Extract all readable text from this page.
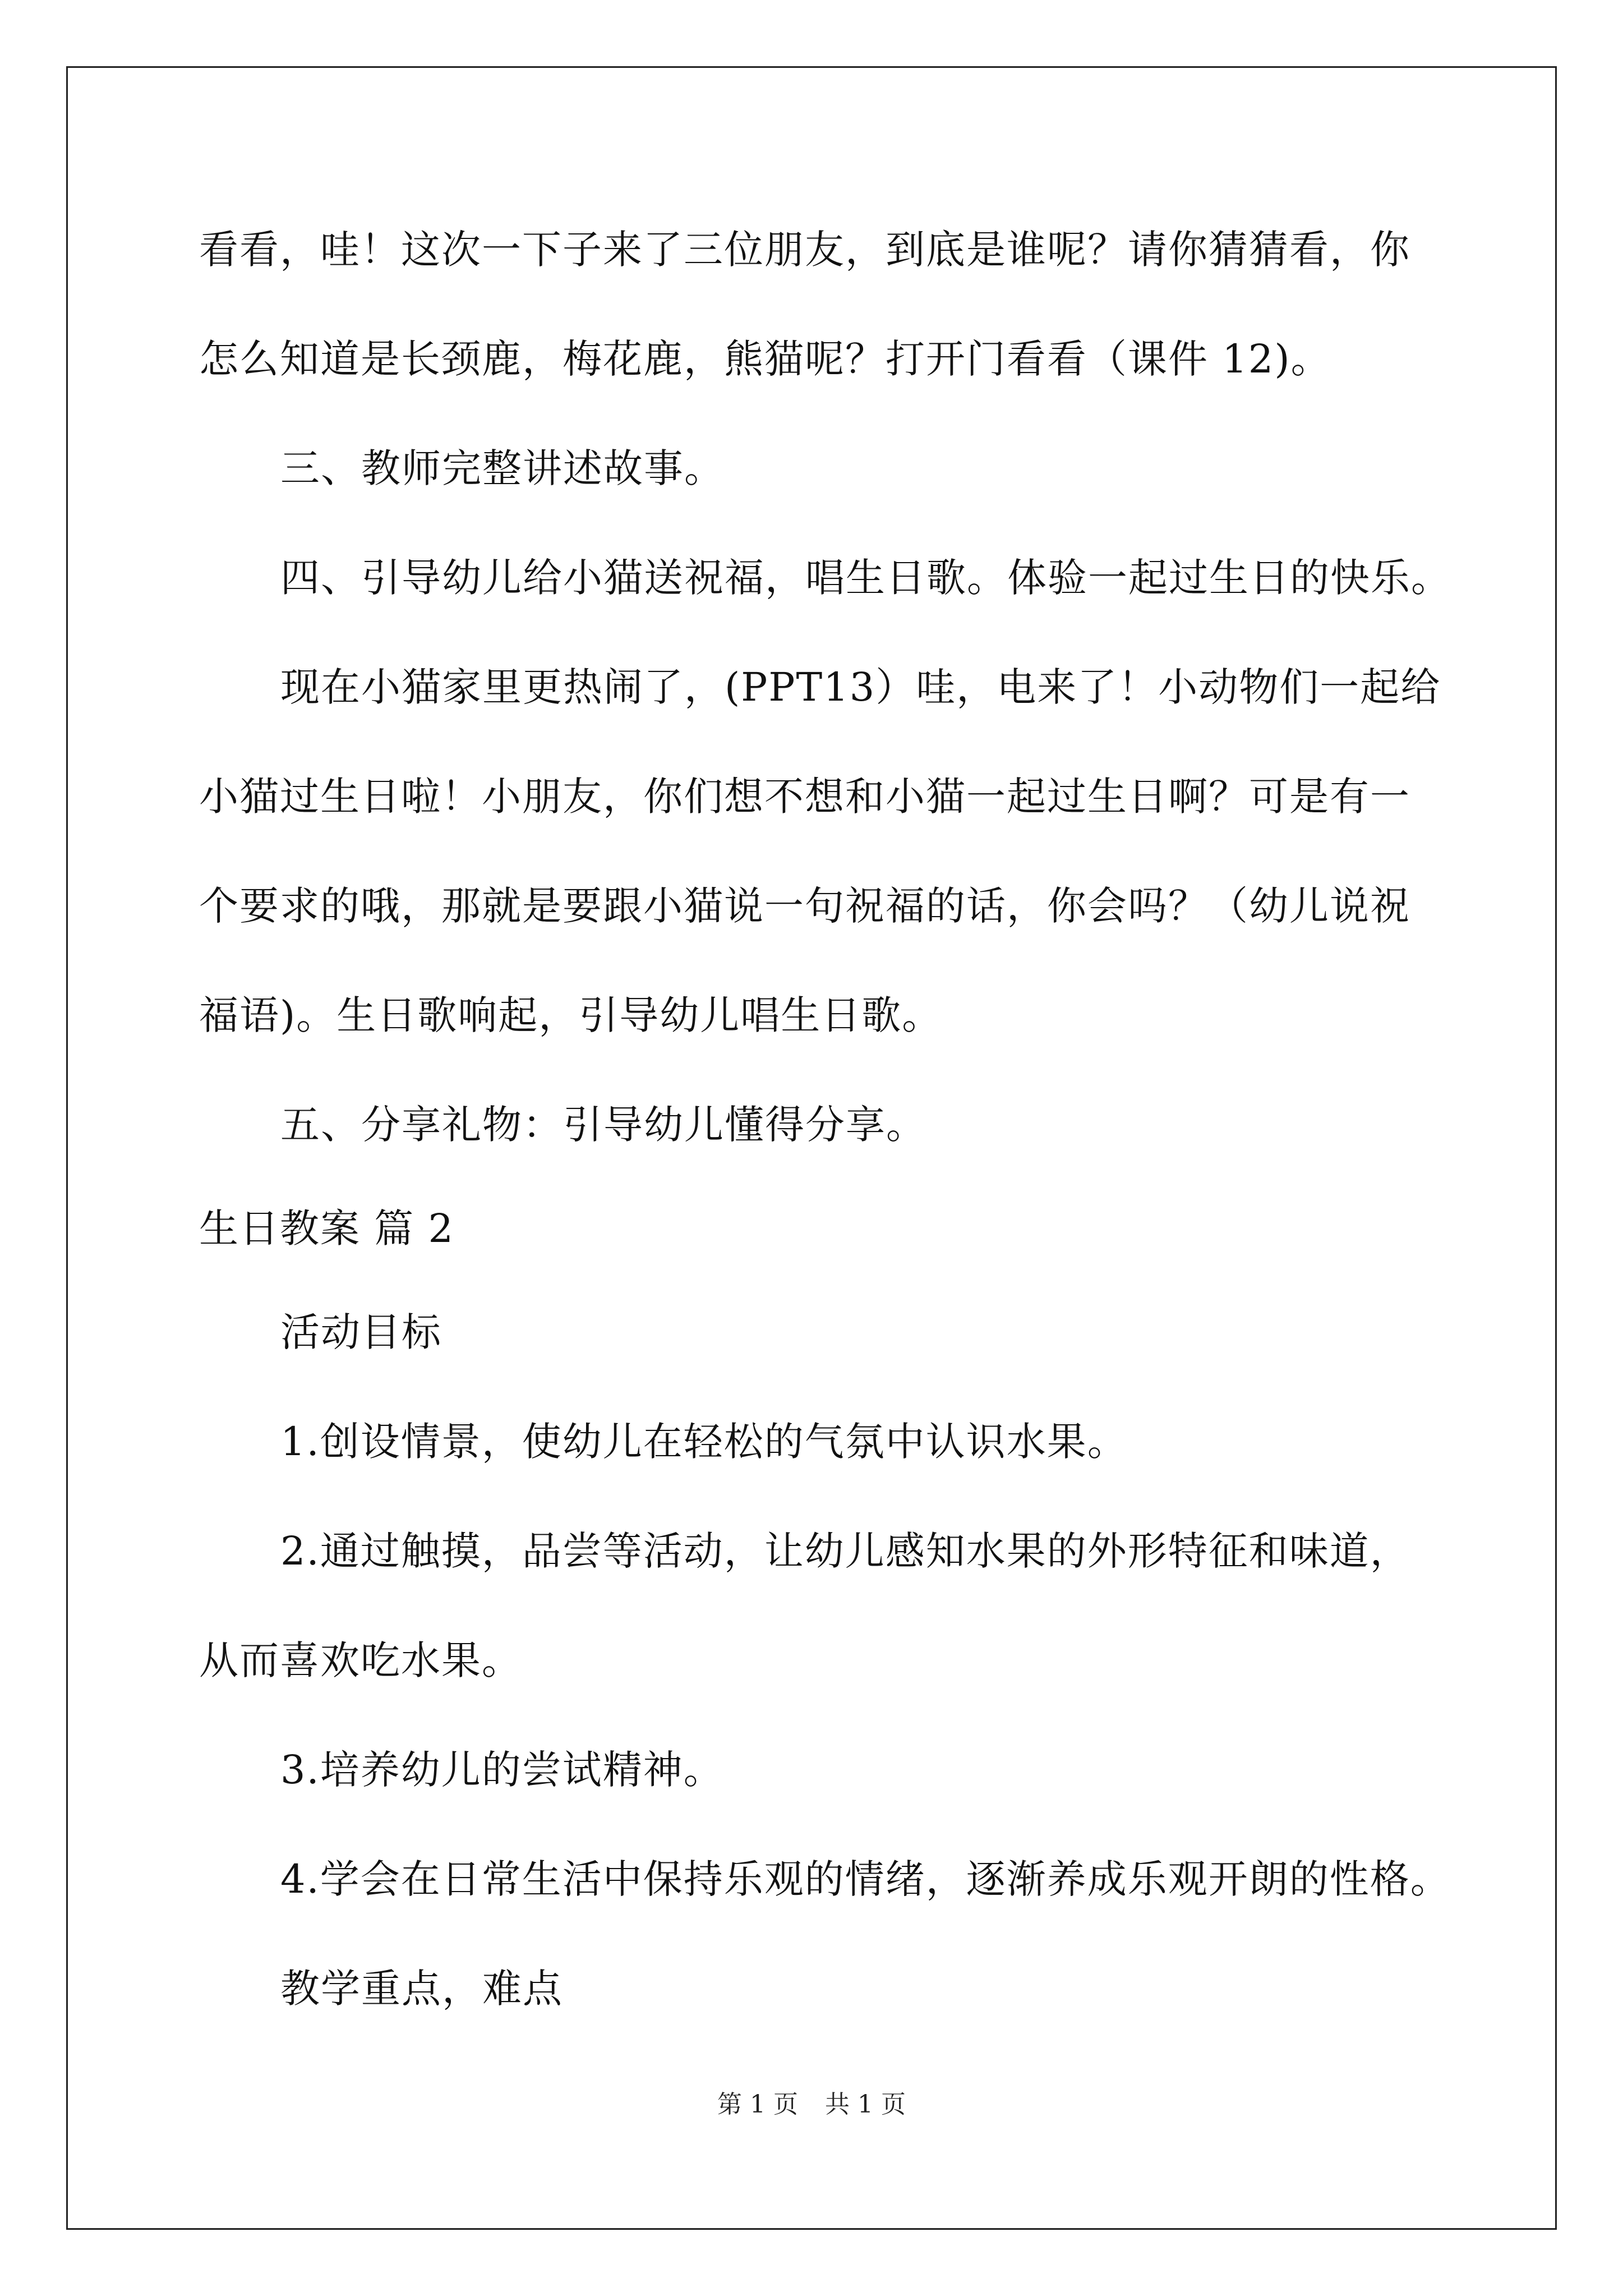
看看，哇！这次一下子来了三位朋友，到底是谁呢？请你猜猜看，你
怎么知道是长颈鹿，梅花鹿，熊猫呢？打开门看看（课件 12)。
三、教师完整讲述故事。
四、引导幼儿给小猫送祝福，唱生日歌。体验一起过生日的快乐。
现在小猫家里更热闹了，(PPT13）哇，电来了！小动物们一起给
小猫过生日啦！小朋友，你们想不想和小猫一起过生日啊？可是有一
个要求的哦，那就是要跟小猫说一句祝福的话，你会吗？（幼儿说祝
福语)。生日歌响起，引导幼儿唱生日歌。
五、分享礼物：引导幼儿懂得分享。
生日教案 篇 2
活动目标
1.创设情景，使幼儿在轻松的气氛中认识水果。
2.通过触摸，品尝等活动，让幼儿感知水果的外形特征和味道，
从而喜欢吃水果。
3.培养幼儿的尝试精神。
4.学会在日常生活中保持乐观的情绪，逐渐养成乐观开朗的性格。
教学重点，难点
第 1 页 共 1 页
